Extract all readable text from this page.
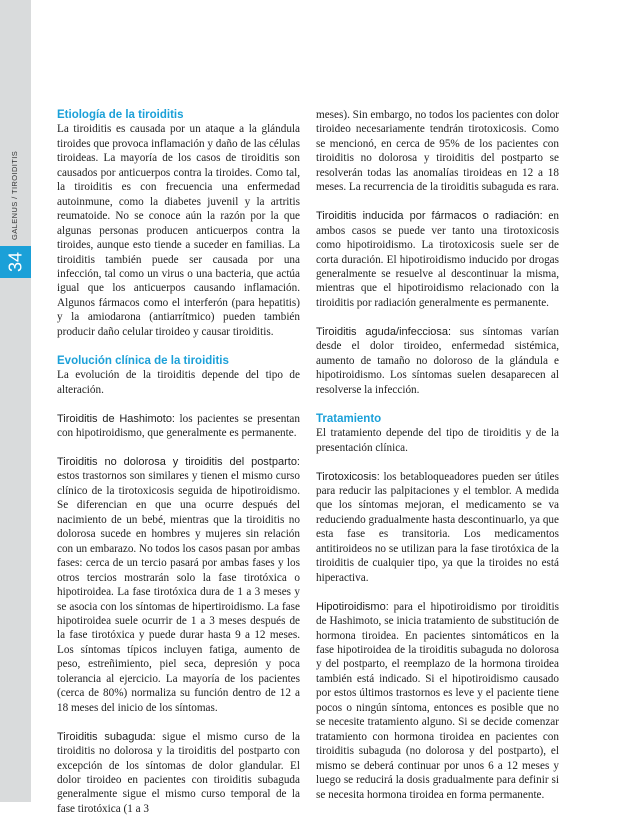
GALENUS / TIROIDITIS
34
Etiología de la tiroiditis

La tiroiditis es causada por un ataque a la glándula tiroides que provoca inflamación y daño de las células tiroideas. La mayoría de los casos de tiroiditis son causados por anticuerpos contra la tiroides. Como tal, la tiroiditis es con frecuencia una enfermedad autoinmune, como la diabetes juvenil y la artritis reumatoide. No se conoce aún la razón por la que algunas personas producen anticuerpos contra la tiroides, aunque esto tiende a suceder en familias. La tiroiditis también puede ser causada por una infección, tal como un virus o una bacteria, que actúa igual que los anticuerpos causando inflamación. Algunos fármacos como el interferón (para hepatitis) y la amiodarona (antiarrítmico) pueden también producir daño celular tiroideo y causar tiroiditis.

Evolución clínica de la tiroiditis

La evolución de la tiroiditis depende del tipo de alteración.

Tiroiditis de Hashimoto: los pacientes se presentan con hipotiroidismo, que generalmente es permanente.

Tiroiditis no dolorosa y tiroiditis del postparto: estos trastornos son similares y tienen el mismo curso clínico de la tirotoxicosis seguida de hipotiroidismo. Se diferencian en que una ocurre después del nacimiento de un bebé, mientras que la tiroiditis no dolorosa sucede en hombres y mujeres sin relación con un embarazo. No todos los casos pasan por ambas fases: cerca de un tercio pasará por ambas fases y los otros tercios mostrarán solo la fase tirotóxica o hipotiroidea. La fase tirotóxica dura de 1 a 3 meses y se asocia con los síntomas de hipertiroidismo. La fase hipotiroidea suele ocurrir de 1 a 3 meses después de la fase tirotóxica y puede durar hasta 9 a 12 meses. Los síntomas típicos incluyen fatiga, aumento de peso, estreñimiento, piel seca, depresión y poca tolerancia al ejercicio. La mayoría de los pacientes (cerca de 80%) normaliza su función dentro de 12 a 18 meses del inicio de los síntomas.

Tiroiditis subaguda: sigue el mismo curso de la tiroiditis no dolorosa y la tiroiditis del postparto con excepción de los síntomas de dolor glandular. El dolor tiroideo en pacientes con tiroiditis subaguda generalmente sigue el mismo curso temporal de la fase tirotóxica (1 a 3

meses). Sin embargo, no todos los pacientes con dolor tiroideo necesariamente tendrán tirotoxicosis. Como se mencionó, en cerca de 95% de los pacientes con tiroiditis no dolorosa y tiroiditis del postparto se resolverán todas las anomalías tiroideas en 12 a 18 meses. La recurrencia de la tiroiditis subaguda es rara.

Tiroiditis inducida por fármacos o radiación: en ambos casos se puede ver tanto una tirotoxicosis como hipotiroidismo. La tirotoxicosis suele ser de corta duración. El hipotiroidismo inducido por drogas generalmente se resuelve al descontinuar la misma, mientras que el hipotiroidismo relacionado con la tiroiditis por radiación generalmente es permanente.

Tiroiditis aguda/infecciosa: sus síntomas varían desde el dolor tiroideo, enfermedad sistémica, aumento de tamaño no doloroso de la glándula e hipotiroidismo. Los síntomas suelen desaparecen al resolverse la infección.

Tratamiento

El tratamiento depende del tipo de tiroiditis y de la presentación clínica.

Tirotoxicosis: los betabloqueadores pueden ser útiles para reducir las palpitaciones y el temblor. A medida que los síntomas mejoran, el medicamento se va reduciendo gradualmente hasta descontinuarlo, ya que esta fase es transitoria. Los medicamentos antitiroideos no se utilizan para la fase tirotóxica de la tiroiditis de cualquier tipo, ya que la tiroides no está hiperactiva.

Hipotiroidismo: para el hipotiroidismo por tiroiditis de Hashimoto, se inicia tratamiento de substitución de hormona tiroidea. En pacientes sintomáticos en la fase hipotiroidea de la tiroiditis subaguda no dolorosa y del postparto, el reemplazo de la hormona tiroidea también está indicado. Si el hipotiroidismo causado por estos últimos trastornos es leve y el paciente tiene pocos o ningún síntoma, entonces es posible que no se necesite tratamiento alguno. Si se decide comenzar tratamiento con hormona tiroidea en pacientes con tiroiditis subaguda (no dolorosa y del postparto), el mismo se deberá continuar por unos 6 a 12 meses y luego se reducirá la dosis gradualmente para definir si se necesita hormona tiroidea en forma permanente.
